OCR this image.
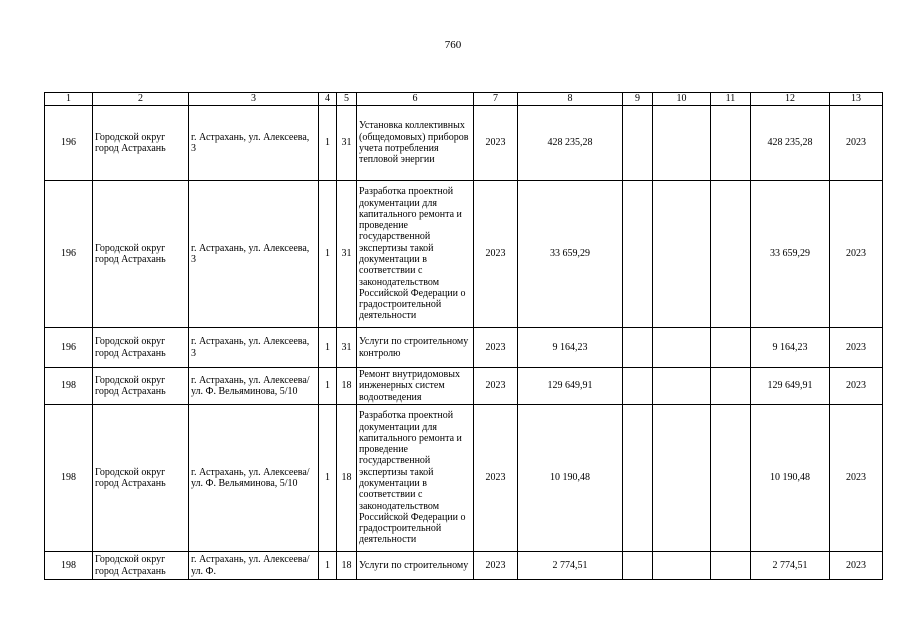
760
1	2	3	4	5	6	7	8	9	10	11	12	13
196	Городской округ город Астрахань	г. Астрахань, ул. Алексеева, 3	1	31	Установка коллективных (общедомовых) приборов учета потребления тепловой энергии	2023	428 235,28				428 235,28	2023
196	Городской округ город Астрахань	г. Астрахань, ул. Алексеева, 3	1	31	Разработка проектной документации для капитального ремонта и проведение государственной экспертизы такой документации в соответствии с законодательством Российской Федерации о градостроительной деятельности	2023	33 659,29				33 659,29	2023
196	Городской округ город Астрахань	г. Астрахань, ул. Алексеева, 3	1	31	Услуги по строительному контролю	2023	9 164,23				9 164,23	2023
198	Городской округ город Астрахань	г. Астрахань, ул. Алексеева/ ул. Ф. Вельяминова, 5/10	1	18	Ремонт внутридомовых инженерных систем водоотведения	2023	129 649,91				129 649,91	2023
198	Городской округ город Астрахань	г. Астрахань, ул. Алексеева/ ул. Ф. Вельяминова, 5/10	1	18	Разработка проектной документации для капитального ремонта и проведение государственной экспертизы такой документации в соответствии с законодательством Российской Федерации о градостроительной деятельности	2023	10 190,48				10 190,48	2023
198	Городской округ город Астрахань	г. Астрахань, ул. Алексеева/ ул. Ф.	1	18	Услуги по строительному	2023	2 774,51				2 774,51	2023
